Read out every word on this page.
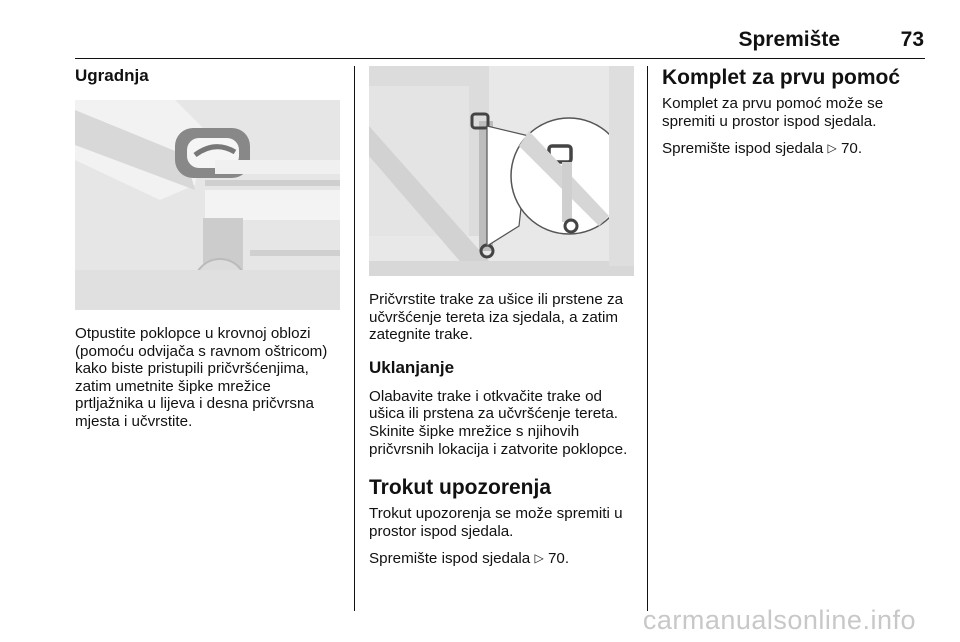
Spremište	73
Ugradnja
Otpustite poklopce u krovnoj oblozi (pomoću odvijača s ravnom oštricom) kako biste pristupili pričvršćenjima, zatim umetnite šipke mrežice prtljažnika u lijeva i desna pričvrsna mjesta i učvrstite.
Pričvrstite trake za ušice ili prstene za učvršćenje tereta iza sjedala, a zatim zategnite trake.
Uklanjanje
Olabavite trake i otkvačite trake od ušica ili prstena za učvršćenje tereta. Skinite šipke mrežice s njihovih pričvrsnih lokacija i zatvorite poklopce.
Trokut upozorenja
Trokut upozorenja se može spremiti u prostor ispod sjedala.
Spremište ispod sjedala ▷ 70.
Komplet za prvu pomoć
Komplet za prvu pomoć može se spremiti u prostor ispod sjedala.
Spremište ispod sjedala ▷ 70.
carmanualsonline.info
